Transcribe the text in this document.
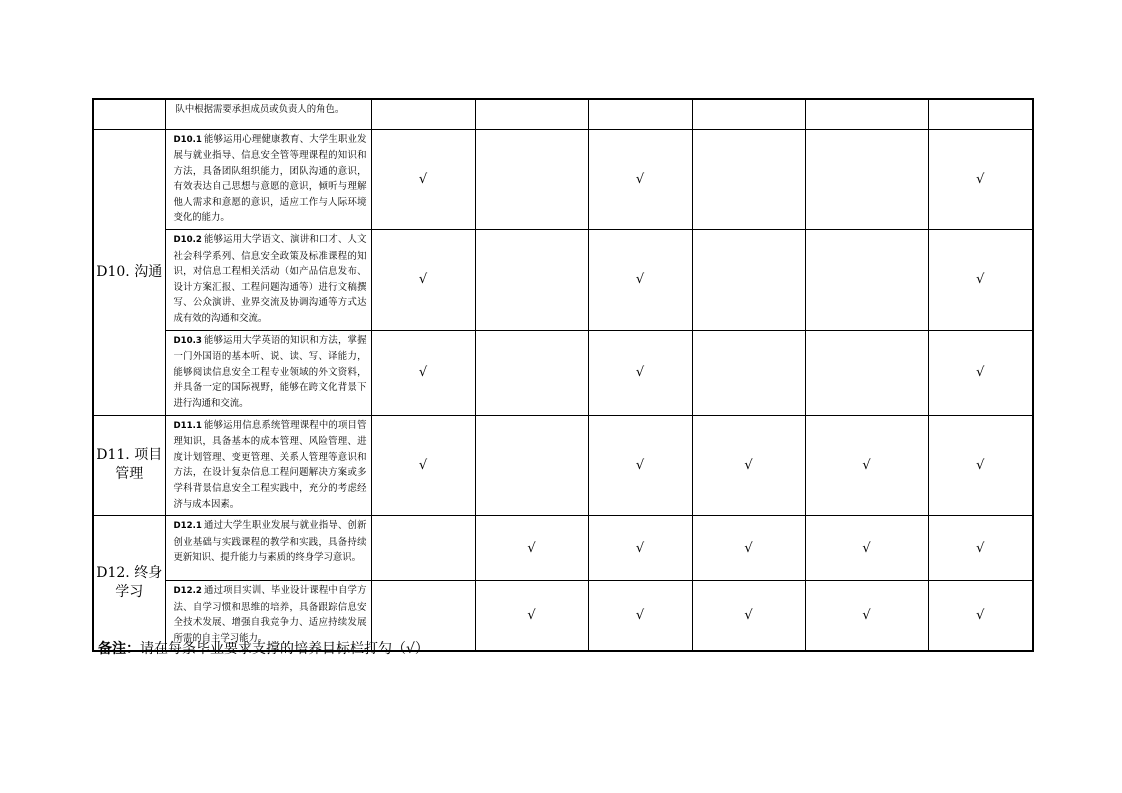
	队中根据需要承担成员或负责人的角色。						
D10. 沟通	D10.1 能够运用心理健康教育、大学生职业发展与就业指导、信息安全管等理课程的知识和方法，具备团队组织能力，团队沟通的意识，有效表达自己思想与意愿的意识，倾听与理解他人需求和意愿的意识，适应工作与人际环境变化的能力。	√		√			√
	D10.2 能够运用大学语文、演讲和口才、人文社会科学系列、信息安全政策及标准课程的知识，对信息工程相关活动（如产品信息发布、设计方案汇报、工程问题沟通等）进行文稿撰写、公众演讲、业界交流及协调沟通等方式达成有效的沟通和交流。	√		√			√
	D10.3 能够运用大学英语的知识和方法，掌握一门外国语的基本听、说、读、写、译能力，能够阅读信息安全工程专业领域的外文资料，并具备一定的国际视野，能够在跨文化背景下进行沟通和交流。	√		√			√
D11. 项目管理	D11.1 能够运用信息系统管理课程中的项目管理知识，具备基本的成本管理、风险管理、进度计划管理、变更管理、关系人管理等意识和方法，在设计复杂信息工程问题解决方案或多学科背景信息安全工程实践中，充分的考虑经济与成本因素。	√		√	√	√	√
D12. 终身学习	D12.1 通过大学生职业发展与就业指导、创新创业基础与实践课程的教学和实践，具备持续更新知识、提升能力与素质的终身学习意识。		√	√	√	√	√
	D12.2 通过项目实训、毕业设计课程中自学方法、自学习惯和思维的培养，具备跟踪信息安全技术发展、增强自我竞争力、适应持续发展所需的自主学习能力。		√	√	√	√	√
备注：请在每条毕业要求支撑的培养目标栏打勾（√）
